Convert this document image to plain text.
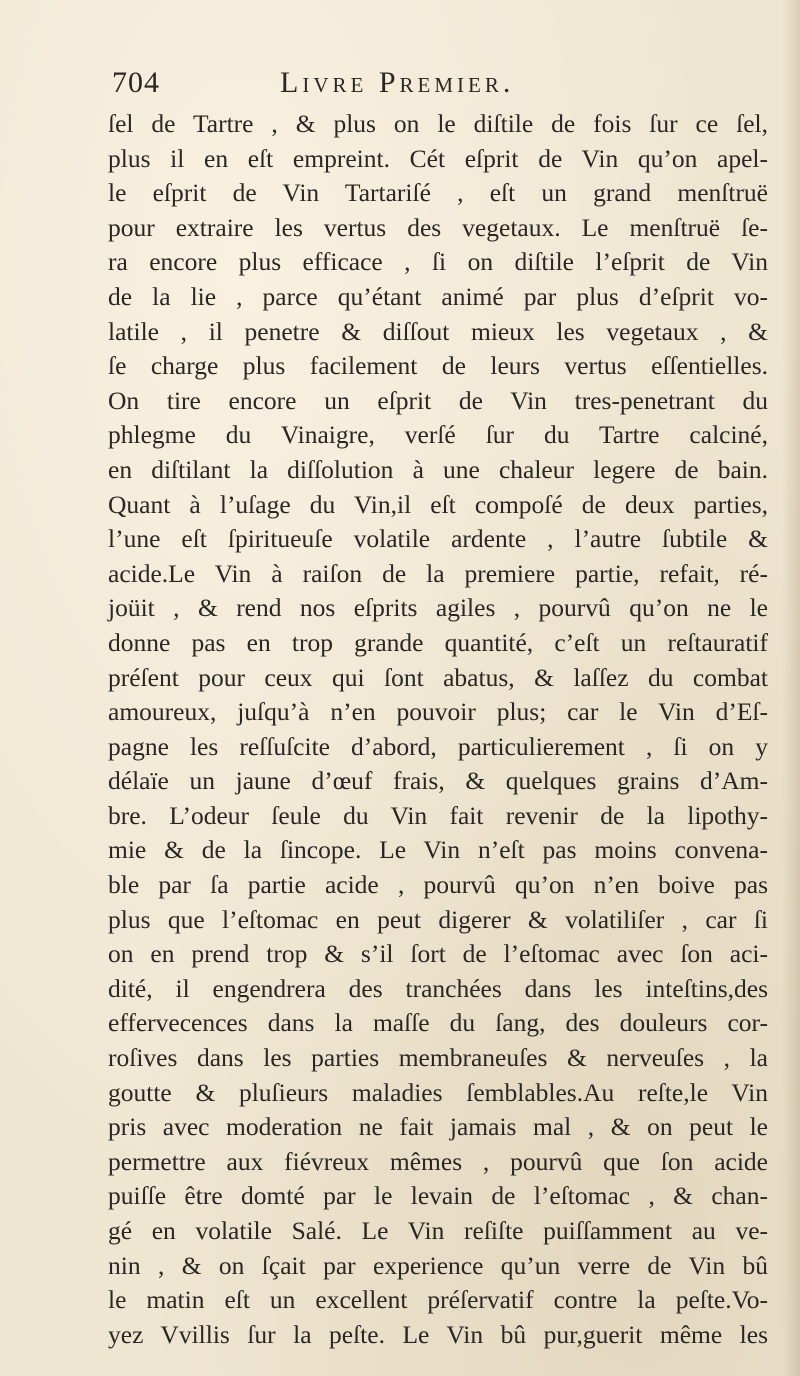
704	Livre Premier.
ſel de Tartre , & plus on le diſtile de fois ſur ce ſel,
plus il en eſt empreint. Cét eſprit de Vin qu’on apel-
le eſprit de Vin Tartariſé , eſt un grand menſtruë
pour extraire les vertus des vegetaux. Le menſtruë ſe-
ra encore plus efficace , ſi on diſtile l’eſprit de Vin
de la lie , parce qu’étant animé par plus d’eſprit vo-
latile , il penetre & diſſout mieux les vegetaux , &
ſe charge plus facilement de leurs vertus eſſentielles.
On tire encore un eſprit de Vin tres-penetrant du
phlegme du Vinaigre, verſé ſur du Tartre calciné,
en diſtilant la diſſolution à une chaleur legere de bain.
Quant à l’uſage du Vin,il eſt compoſé de deux parties,
l’une eſt ſpiritueuſe volatile ardente , l’autre ſubtile &
acide.Le Vin à raiſon de la premiere partie, refait, ré-
joüit , & rend nos eſprits agiles , pourvû qu’on ne le
donne pas en trop grande quantité, c’eſt un reſtauratif
préſent pour ceux qui ſont abatus, & laſſez du combat
amoureux, juſqu’à n’en pouvoir plus; car le Vin d’Eſ-
pagne les reſſuſcite d’abord, particulierement , ſi on y
délaïe un jaune d’œuf frais, & quelques grains d’Am-
bre. L’odeur ſeule du Vin fait revenir de la lipothy-
mie & de la ſincope. Le Vin n’eſt pas moins convena-
ble par ſa partie acide , pourvû qu’on n’en boive pas
plus que l’eſtomac en peut digerer & volatiliſer , car ſi
on en prend trop & s’il ſort de l’eſtomac avec ſon aci-
dité, il engendrera des tranchées dans les inteſtins,des
effervecences dans la maſſe du ſang, des douleurs cor-
roſives dans les parties membraneuſes & nerveuſes , la
goutte & pluſieurs maladies ſemblables.Au reſte,le Vin
pris avec moderation ne fait jamais mal , & on peut le
permettre aux fiévreux mêmes , pourvû que ſon acide
puiſſe être domté par le levain de l’eſtomac , & chan-
gé en volatile Salé. Le Vin reſiſte puiſſamment au ve-
nin , & on ſçait par experience qu’un verre de Vin bû
le matin eſt un excellent préſervatif contre la peſte.Vo-
yez Vvillis ſur la peſte. Le Vin bû pur,guerit même les
